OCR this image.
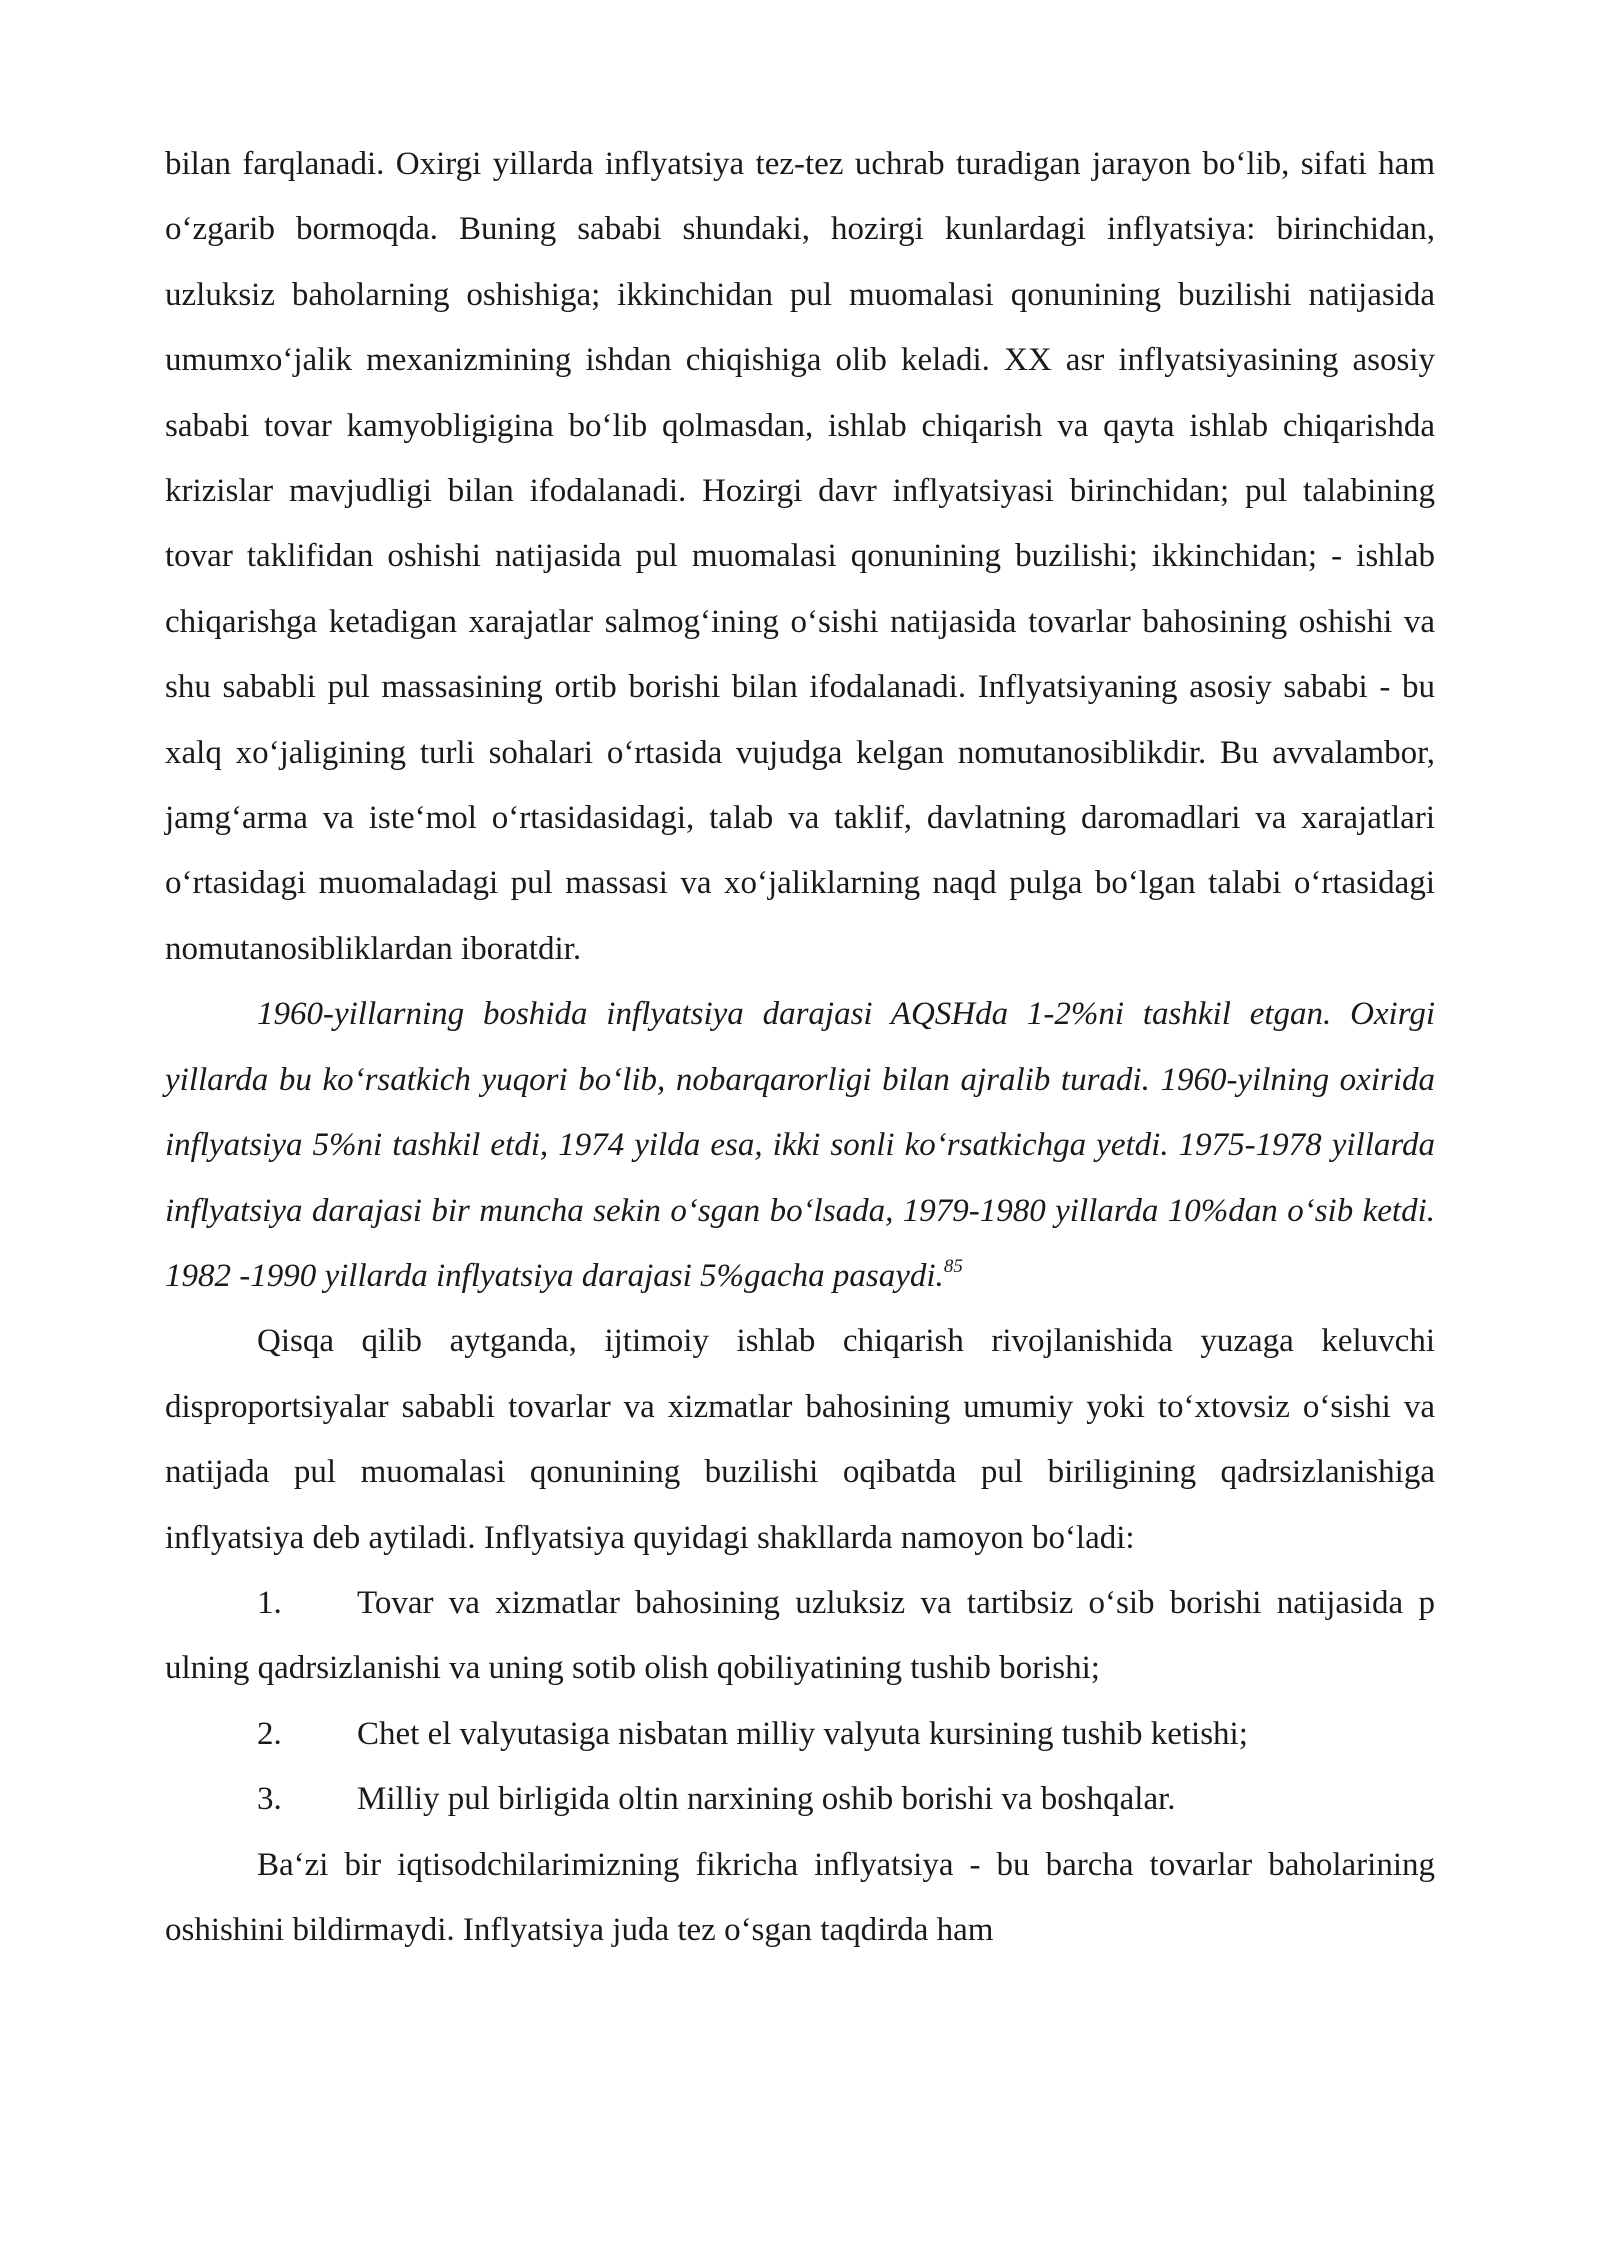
bilan farqlanadi. Oxirgi yillarda inflyatsiya tez-tez uchrab turadigan jarayon bo‘lib, sifati ham o‘zgarib bormoqda. Buning sababi shundaki, hozirgi kunlardagi inflyatsiya: birinchidan, uzluksiz baholarning oshishiga; ikkinchidan pul muomalasi qonunining buzilishi natijasida umumxo‘jalik mexanizmining ishdan chiqishiga olib keladi. XX asr inflyatsiyasining asosiy sababi tovar kamyobligigina bo‘lib qolmasdan, ishlab chiqarish va qayta ishlab chiqarishda krizislar mavjudligi bilan ifodalanadi. Hozirgi davr inflyatsiyasi birinchidan; pul talabining tovar taklifidan oshishi natijasida pul muomalasi qonunining buzilishi; ikkinchidan; - ishlab chiqarishga ketadigan xarajatlar salmog‘ining o‘sishi natijasida tovarlar bahosining oshishi va shu sababli pul massasining ortib borishi bilan ifodalanadi. Inflyatsiyaning asosiy sababi - bu xalq xo‘jaligining turli sohalari o‘rtasida vujudga kelgan nomutanosiblikdir. Bu avvalambor, jamg‘arma va iste‘mol o‘rtasidasidagi, talab va taklif, davlatning daromadlari va xarajatlari o‘rtasidagi muomaladagi pul massasi va xo‘jaliklarning naqd pulga bo‘lgan talabi o‘rtasidagi nomutanosibliklardan iboratdir.

1960-yillarning boshida inflyatsiya darajasi AQSHda 1-2%ni tashkil etgan. Oxirgi yillarda bu ko‘rsatkich yuqori bo‘lib, nobarqarorligi bilan ajralib turadi. 1960-yilning oxirida inflyatsiya 5%ni tashkil etdi, 1974 yilda esa, ikki sonli ko‘rsatkichga yetdi. 1975-1978 yillarda inflyatsiya darajasi bir muncha sekin o‘sgan bo‘lsada, 1979-1980 yillarda 10%dan o‘sib ketdi. 1982 -1990 yillarda inflyatsiya darajasi 5%gacha pasaydi.$^{85}$

Qisqa qilib aytganda, ijtimoiy ishlab chiqarish rivojlanishida yuzaga keluvchi disproportsiyalar sababli tovarlar va xizmatlar bahosining umumiy yoki to‘xtovsiz o‘sishi va natijada pul muomalasi qonunining buzilishi oqibatda pul biriligining qadrsizlanishiga inflyatsiya deb aytiladi. Inflyatsiya quyidagi shakllarda namoyon bo‘ladi:

1. Tovar va xizmatlar bahosining uzluksiz va tartibsiz o‘sib borishi natijasida p ulning qadrsizlanishi va uning sotib olish qobiliyatining tushib borishi;

2. Chet el valyutasiga nisbatan milliy valyuta kursining tushib ketishi;

3. Milliy pul birligida oltin narxining oshib borishi va boshqalar.

Ba‘zi bir iqtisodchilarimizning fikricha inflyatsiya - bu barcha tovarlar baholarining oshishini bildirmaydi. Inflyatsiya juda tez o‘sgan taqdirda ham
